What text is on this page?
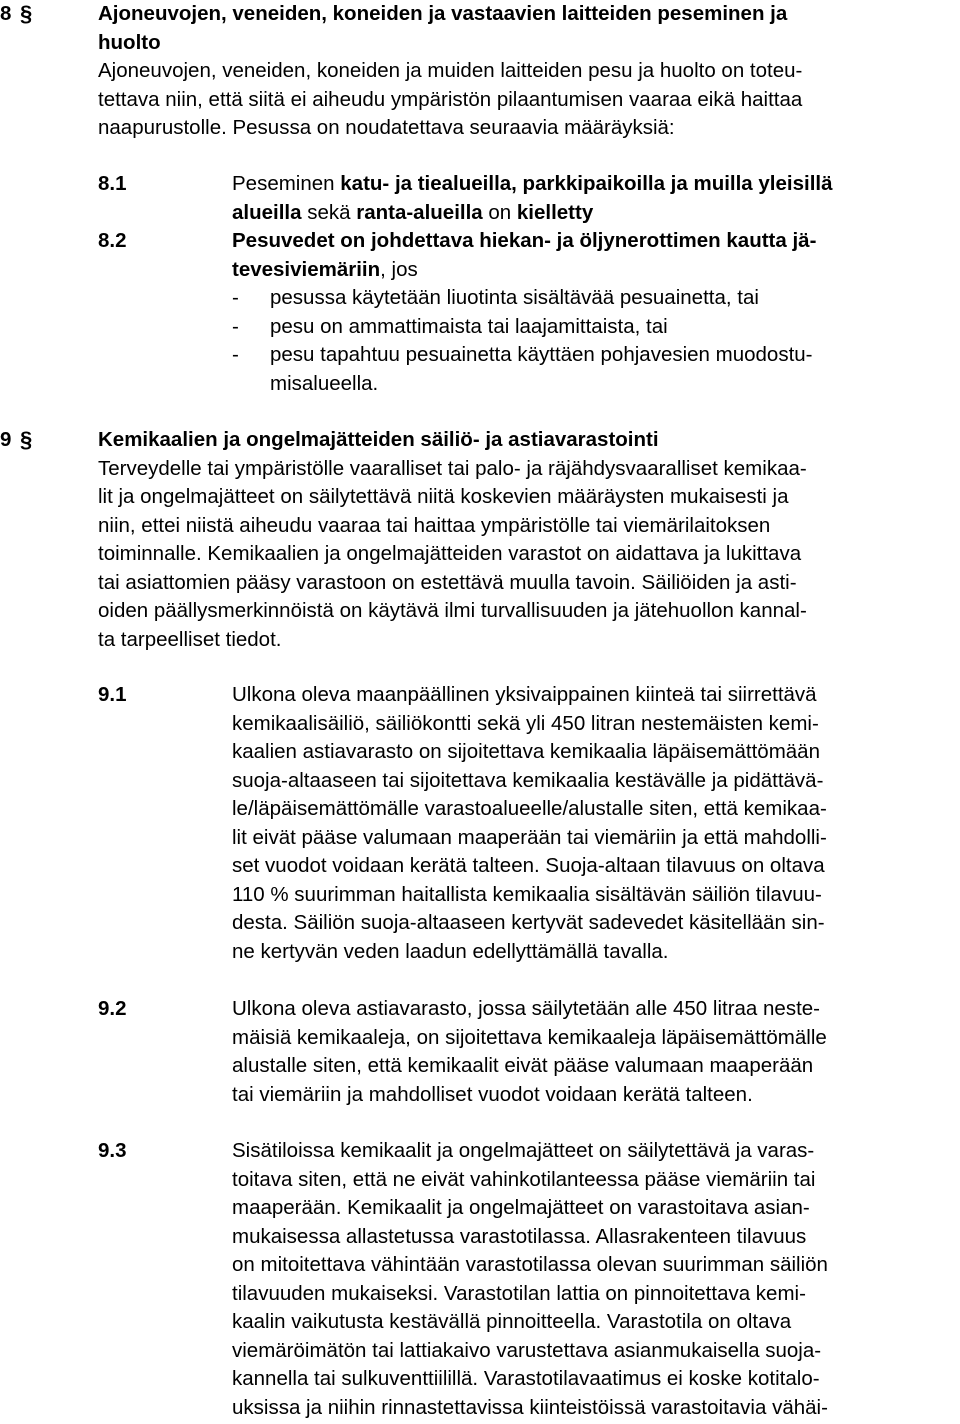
8 §	Ajoneuvojen, veneiden, koneiden ja vastaavien laitteiden peseminen ja
huolto
Ajoneuvojen, veneiden, koneiden ja muiden laitteiden pesu ja huolto on toteu-
tettava niin, että siitä ei aiheudu ympäristön pilaantumisen vaaraa eikä haittaa
naapurustolle. Pesussa on noudatettava seuraavia määräyksiä:
8.1	Peseminen katu- ja tiealueilla, parkkipaikoilla ja muilla yleisillä
alueilla sekä ranta-alueilla on kielletty
8.2	Pesuvedet on johdettava hiekan- ja öljynerottimen kautta jä-
tevesiviemäriin, jos
- pesussa käytetään liuotinta sisältävää pesuainetta, tai
- pesu on ammattimaista tai laajamittaista, tai
- pesu tapahtuu pesuainetta käyttäen pohjavesien muodostu-
misalueella.
9 §	Kemikaalien ja ongelmajätteiden säiliö- ja astiavarastointi
Terveydelle tai ympäristölle vaaralliset tai palo- ja räjähdysvaaralliset kemikaa-
lit ja ongelmajätteet on säilytettävä niitä koskevien määräysten mukaisesti ja
niin, ettei niistä aiheudu vaaraa tai haittaa ympäristölle tai viemärilaitoksen
toiminnalle. Kemikaalien ja ongelmajätteiden varastot on aidattava ja lukittava
tai asiattomien pääsy varastoon on estettävä muulla tavoin. Säiliöiden ja asti-
oiden päällysmerkinnöistä on käytävä ilmi turvallisuuden ja jätehuollon kannal-
ta tarpeelliset tiedot.
9.1	Ulkona oleva maanpäällinen yksivaippainen kiinteä tai siirrettävä
kemikaalisäiliö, säiliökontti sekä yli 450 litran nestemäisten kemi-
kaalien astiavarasto on sijoitettava kemikaalia läpäisemättömään
suoja-altaaseen tai sijoitettava kemikaalia kestävälle ja pidättävä-
le/läpäisemättömälle varastoalueelle/alustalle siten, että kemikaa-
lit eivät pääse valumaan maaperään tai viemäriin ja että mahdolli-
set vuodot voidaan kerätä talteen. Suoja-altaan tilavuus on oltava
110 % suurimman haitallista kemikaalia sisältävän säiliön tilavuu-
desta. Säiliön suoja-altaaseen kertyvät sadevedet käsitellään sin-
ne kertyvän veden laadun edellyttämällä tavalla.
9.2	Ulkona oleva astiavarasto, jossa säilytetään alle 450 litraa neste-
mäisiä kemikaaleja, on sijoitettava kemikaaleja läpäisemättömälle
alustalle siten, että kemikaalit eivät pääse valumaan maaperään
tai viemäriin ja mahdolliset vuodot voidaan kerätä talteen.
9.3	Sisätiloissa kemikaalit ja ongelmajätteet on säilytettävä ja varas-
toitava siten, että ne eivät vahinkotilanteessa pääse viemäriin tai
maaperään. Kemikaalit ja ongelmajätteet on varastoitava asian-
mukaisessa allastetussa varastotilassa. Allasrakenteen tilavuus
on mitoitettava vähintään varastotilassa olevan suurimman säiliön
tilavuuden mukaiseksi. Varastotilan lattia on pinnoitettava kemi-
kaalin vaikutusta kestävällä pinnoitteella. Varastotila on oltava
viemäröimätön tai lattiakaivo varustettava asianmukaisella suoja-
kannella tai sulkuventtiilillä. Varastotilavaatimus ei koske kotitalo-
uksissa ja niihin rinnastettavissa kiinteistöissä varastoitavia vähäi-
